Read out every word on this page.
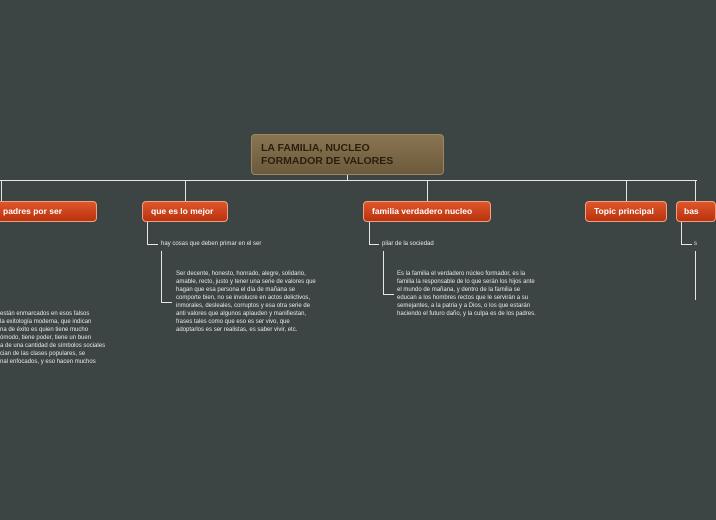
LA FAMILIA, NUCLEO
FORMADOR DE VALORES
padres por ser	que es lo mejor	familia verdadero nucleo	Topic principal	bas
hay cosas que deben primar en el ser	pilar de la sociedad	s
están enmarcados en esos falsos
la exitología moderna, que indican
na de éxito es quien tiene mucho
ómodo, tiene poder, tiene un buen
a de una cantidad de símbolos sociales
cian de las clases populares, se
nal enfocados, y eso hacen muchos
Ser decente, honesto, honrado, alegre, solidario,
amable, recto, justo y tener una serie de valores que
hagan que esa persona el día de mañana se
comporte bien, no se involucre en actos delictivos,
inmorales, desleales, corruptos y esa otra serie de
anti valores que algunos aplauden y manifiestan,
frases tales como que eso es ser vivo, que
adoptarlos es ser realistas, es saber vivir, etc.
Es la familia el verdadero núcleo formador, es la
familia la responsable de lo que serán los hijos ante
el mundo de mañana, y dentro de la familia se
educan a los hombres rectos que le servirán a su
semejantes, a la patria y a Dios, o los que estarán
haciendo el futuro daño, y la culpa es de los padres.
